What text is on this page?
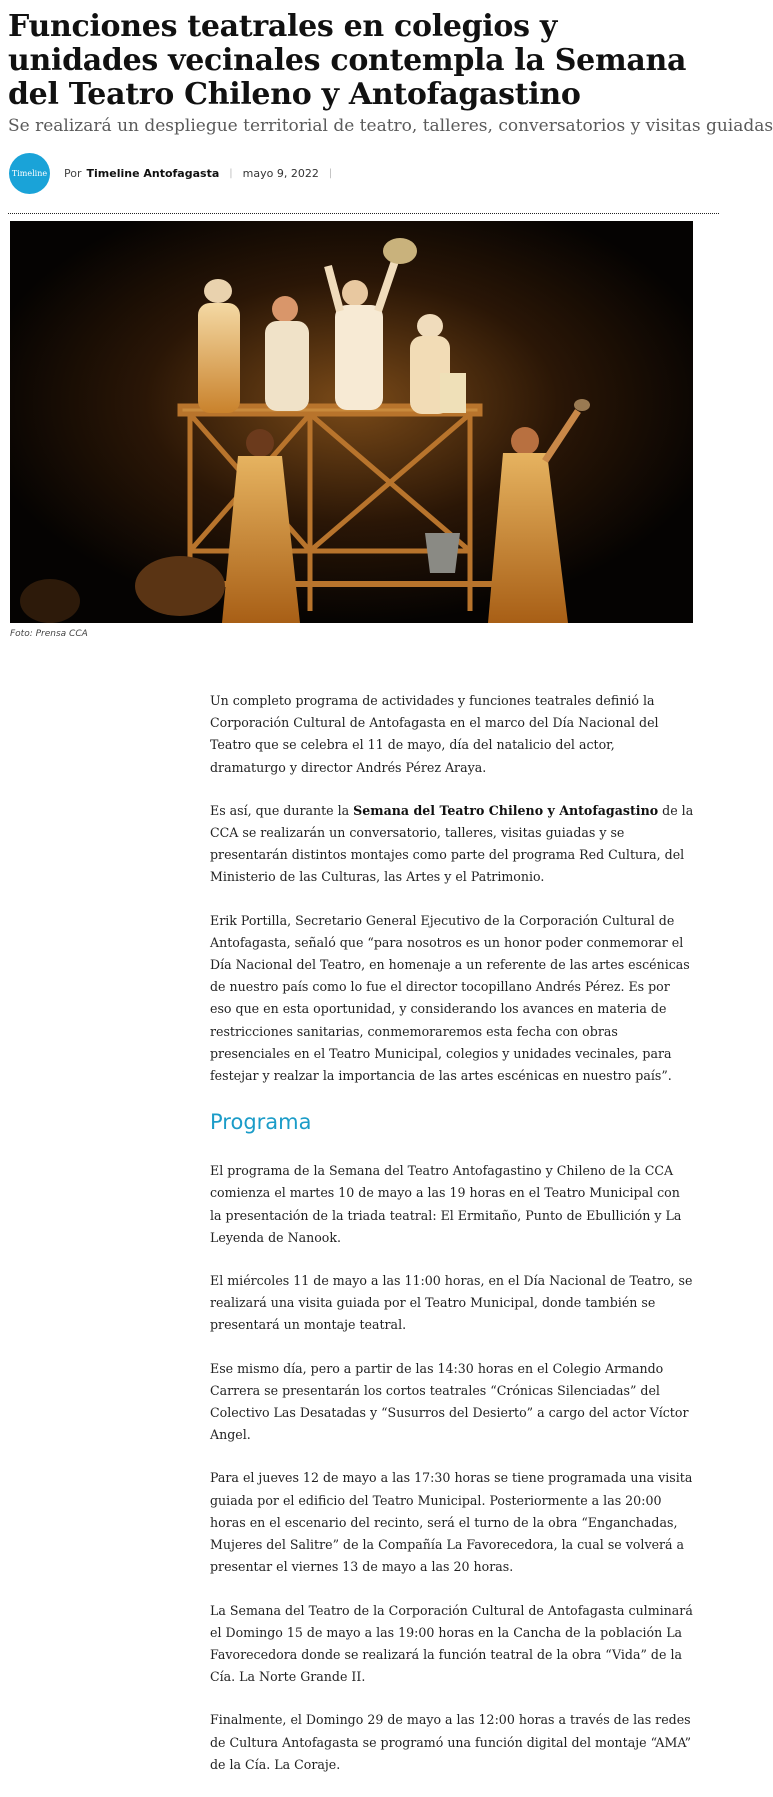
Funciones teatrales en colegios y unidades vecinales contempla la Semana del Teatro Chileno y Antofagastino
Se realizará un despliegue territorial de teatro, talleres, conversatorios y visitas guiadas
Timeline Por Timeline Antofagasta | mayo 9, 2022 |
Foto: Prensa CCA

Un completo programa de actividades y funciones teatrales definió la Corporación Cultural de Antofagasta en el marco del Día Nacional del Teatro que se celebra el 11 de mayo, día del natalicio del actor, dramaturgo y director Andrés Pérez Araya.

Es así, que durante la Semana del Teatro Chileno y Antofagastino de la CCA se realizarán un conversatorio, talleres, visitas guiadas y se presentarán distintos montajes como parte del programa Red Cultura, del Ministerio de las Culturas, las Artes y el Patrimonio.

Erik Portilla, Secretario General Ejecutivo de la Corporación Cultural de Antofagasta, señaló que “para nosotros es un honor poder conmemorar el Día Nacional del Teatro, en homenaje a un referente de las artes escénicas de nuestro país como lo fue el director tocopillano Andrés Pérez. Es por eso que en esta oportunidad, y considerando los avances en materia de restricciones sanitarias, conmemoraremos esta fecha con obras presenciales en el Teatro Municipal, colegios y unidades vecinales, para festejar y realzar la importancia de las artes escénicas en nuestro país”.

Programa

El programa de la Semana del Teatro Antofagastino y Chileno de la CCA comienza el martes 10 de mayo a las 19 horas en el Teatro Municipal con la presentación de la triada teatral: El Ermitaño, Punto de Ebullición y La Leyenda de Nanook.

El miércoles 11 de mayo a las 11:00 horas, en el Día Nacional de Teatro, se realizará una visita guiada por el Teatro Municipal, donde también se presentará un montaje teatral.

Ese mismo día, pero a partir de las 14:30 horas en el Colegio Armando Carrera se presentarán los cortos teatrales “Crónicas Silenciadas” del Colectivo Las Desatadas y “Susurros del Desierto” a cargo del actor Víctor Angel.

Para el jueves 12 de mayo a las 17:30 horas se tiene programada una visita guiada por el edificio del Teatro Municipal. Posteriormente a las 20:00 horas en el escenario del recinto, será el turno de la obra “Enganchadas, Mujeres del Salitre” de la Compañía La Favorecedora, la cual se volverá a presentar el viernes 13 de mayo a las 20 horas.

La Semana del Teatro de la Corporación Cultural de Antofagasta culminará el Domingo 15 de mayo a las 19:00 horas en la Cancha de la población La Favorecedora donde se realizará la función teatral de la obra “Vida” de la Cía. La Norte Grande II.

Finalmente, el Domingo 29 de mayo a las 12:00 horas a través de las redes de Cultura Antofagasta se programó una función digital del montaje “AMA” de la Cía. La Coraje.
